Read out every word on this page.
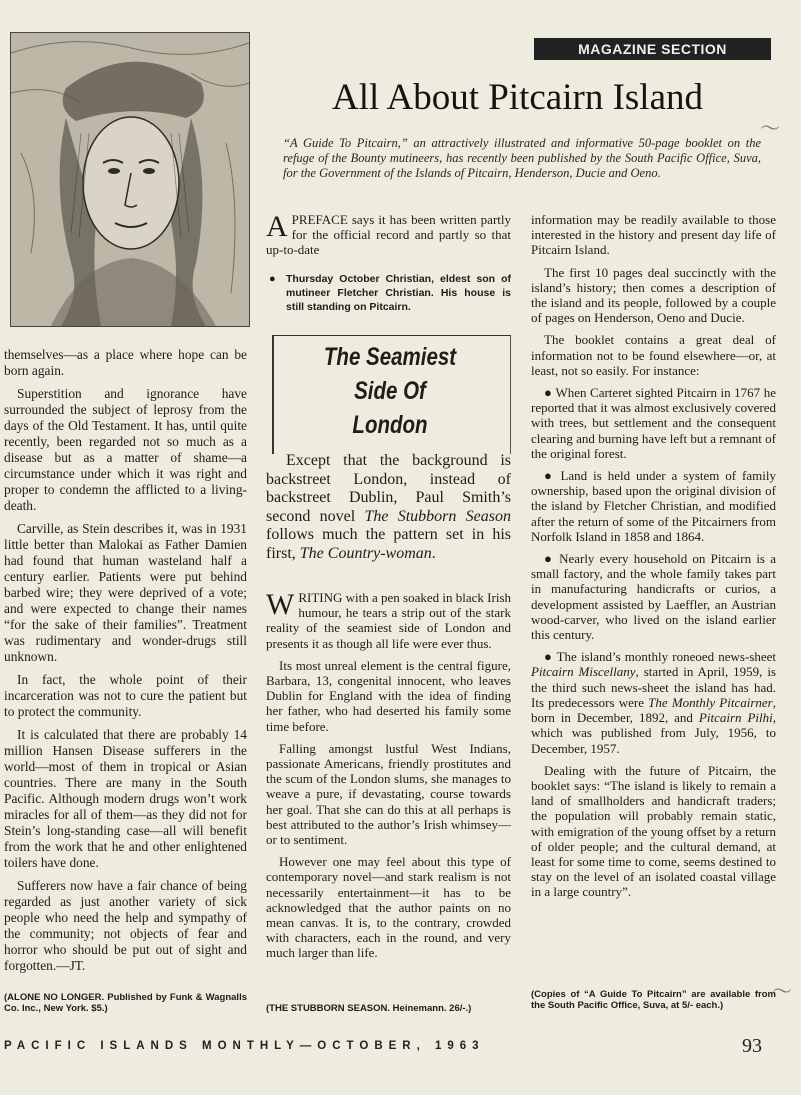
MAGAZINE SECTION
All About Pitcairn Island
〜
〜
“A Guide To Pitcairn,” an attractively illustrated and informative 50-page booklet on the refuge of the Bounty mutineers, has recently been published by the South Pacific Office, Suva, for the Government of the Islands of Pitcairn, Henderson, Ducie and Oeno.

themselves—as a place where hope can be born again.

Superstition and ignorance have surrounded the subject of leprosy from the days of the Old Testament. It has, until quite recently, been regarded not so much as a disease but as a matter of shame—a circumstance under which it was right and proper to condemn the afflicted to a living-death.

Carville, as Stein describes it, was in 1931 little better than Malokai as Father Damien had found that human wasteland half a century earlier. Patients were put behind barbed wire; they were deprived of a vote; and were expected to change their names “for the sake of their families”. Treatment was rudimentary and wonder-drugs still unknown.

In fact, the whole point of their incarceration was not to cure the patient but to protect the community.

It is calculated that there are probably 14 million Hansen Disease sufferers in the world—most of them in tropical or Asian countries. There are many in the South Pacific. Although modern drugs won’t work miracles for all of them—as they did not for Stein’s long-standing case—all will benefit from the work that he and other enlightened toilers have done.

Sufferers now have a fair chance of being regarded as just another variety of sick people who need the help and sympathy of the community; not objects of fear and horror who should be put out of sight and forgotten.—JT.

(ALONE NO LONGER. Published by Funk & Wagnalls Co. Inc., New York. $5.)

APREFACE says it has been written partly for the official record and partly so that up-to-date

● Thursday October Christian, eldest son of mutineer Fletcher Christian. His house is still standing on Pitcairn.
The Seamiest
Side Of
London

Except that the background is backstreet London, instead of backstreet Dublin, Paul Smith’s second novel The Stubborn Season follows much the pattern set in his first, The Country-woman.

WRITING with a pen soaked in black Irish humour, he tears a strip out of the stark reality of the seamiest side of London and presents it as though all life were ever thus.

Its most unreal element is the central figure, Barbara, 13, congenital innocent, who leaves Dublin for England with the idea of finding her father, who had deserted his family some time before.

Falling amongst lustful West Indians, passionate Americans, friendly prostitutes and the scum of the London slums, she manages to weave a pure, if devastating, course towards her goal. That she can do this at all perhaps is best attributed to the author’s Irish whimsey—or to sentiment.

However one may feel about this type of contemporary novel—and stark realism is not necessarily entertainment—it has to be acknowledged that the author paints on no mean canvas. It is, to the contrary, crowded with characters, each in the round, and very much larger than life.

(THE STUBBORN SEASON. Heinemann. 26/-.)

information may be readily available to those interested in the history and present day life of Pitcairn Island.

The first 10 pages deal succinctly with the island’s history; then comes a description of the island and its people, followed by a couple of pages on Henderson, Oeno and Ducie.

The booklet contains a great deal of information not to be found elsewhere—or, at least, not so easily. For instance:

● When Carteret sighted Pitcairn in 1767 he reported that it was almost exclusively covered with trees, but settlement and the consequent clearing and burning have left but a remnant of the original forest.

● Land is held under a system of family ownership, based upon the original division of the island by Fletcher Christian, and modified after the return of some of the Pitcairners from Norfolk Island in 1858 and 1864.

● Nearly every household on Pitcairn is a small factory, and the whole family takes part in manufacturing handicrafts or curios, a development assisted by Laeffler, an Austrian wood-carver, who lived on the island earlier this century.

● The island’s monthly roneoed news-sheet Pitcairn Miscellany, started in April, 1959, is the third such news-sheet the island has had. Its predecessors were The Monthly Pitcairner, born in December, 1892, and Pitcairn Pilhi, which was published from July, 1956, to December, 1957.

Dealing with the future of Pitcairn, the booklet says: “The island is likely to remain a land of smallholders and handicraft traders; the population will probably remain static, with emigration of the young offset by a return of older people; and the cultural demand, at least for some time to come, seems destined to stay on the level of an isolated coastal village in a large country”.

(Copies of “A Guide To Pitcairn” are available from the South Pacific Office, Suva, at 5/- each.)
PACIFIC ISLANDS MONTHLY—OCTOBER, 1963	93
